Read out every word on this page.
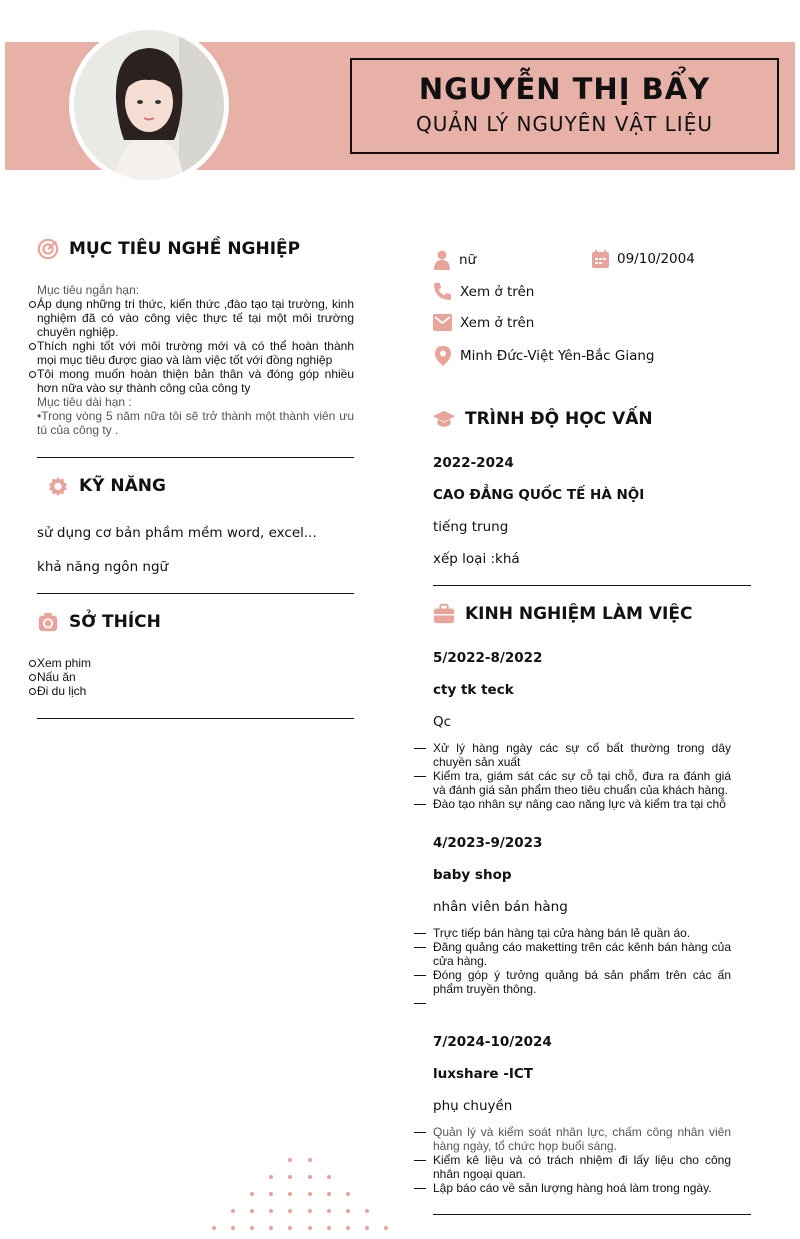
NGUYỄN THỊ BẨY
QUẢN LÝ NGUYÊN VẬT LIỆU
MỤC TIÊU NGHỀ NGHIỆP
Mục tiêu ngắn hạn:
Áp dụng những tri thức, kiến thức ,đào tạo tại trường, kinh nghiệm đã có vào công việc thực tế tại một môi trường chuyên nghiệp.
Thích nghi tốt với môi trường mới và có thể hoàn thành mọi mục tiêu được giao và làm việc tốt với đồng nghiệp
Tôi mong muốn hoàn thiện bản thân và đóng góp nhiều hơn nữa vào sự thành công của công ty
Mục tiêu dài hạn :
•Trong vòng 5 năm nữa tôi sẽ trở thành một thành viên ưu tú của công ty .
KỸ NĂNG
sử dụng cơ bản phầm mềm word, excel...
khả năng ngôn ngữ
SỞ THÍCH
Xem phim
Nấu ăn
Đi du lịch
nữ	09/10/2004
Xem ở trên
Xem ở trên
Minh Đức-Việt Yên-Bắc Giang
TRÌNH ĐỘ HỌC VẤN
2022-2024
CAO ĐẲNG QUỐC TẾ HÀ NỘI
tiếng trung
xếp loại :khá
KINH NGHIỆM LÀM VIỆC
5/2022-8/2022
cty tk teck
Qc
Xử lý hàng ngày các sự cố bất thường trong dây chuyền sản xuất
Kiểm tra, giám sát các sự cỗ tại chỗ, đưa ra đánh giá và đánh giá sản phẩm theo tiêu chuẩn của khách hàng.
Đào tạo nhân sự nâng cao năng lực và kiểm tra tại chỗ
4/2023-9/2023
baby shop
nhân viên bán hàng
Trực tiếp bán hàng tại cửa hàng bán lẻ quần áo.
Đăng quảng cáo maketting trên các kênh bán hàng của cửa hàng.
Đóng góp ý tưởng quảng bá sản phẩm trên các ấn phẩm truyền thông.
7/2024-10/2024
luxshare -ICT
phụ chuyền
Quản lý và kiểm soát nhân lực, chấm công nhân viên hàng ngày, tổ chức họp buổi sáng.
Kiểm kê liệu và có trách nhiệm đi lấy liệu cho công nhân ngoại quan.
Lập báo cáo về sản lượng hàng hoá làm trong ngày.
